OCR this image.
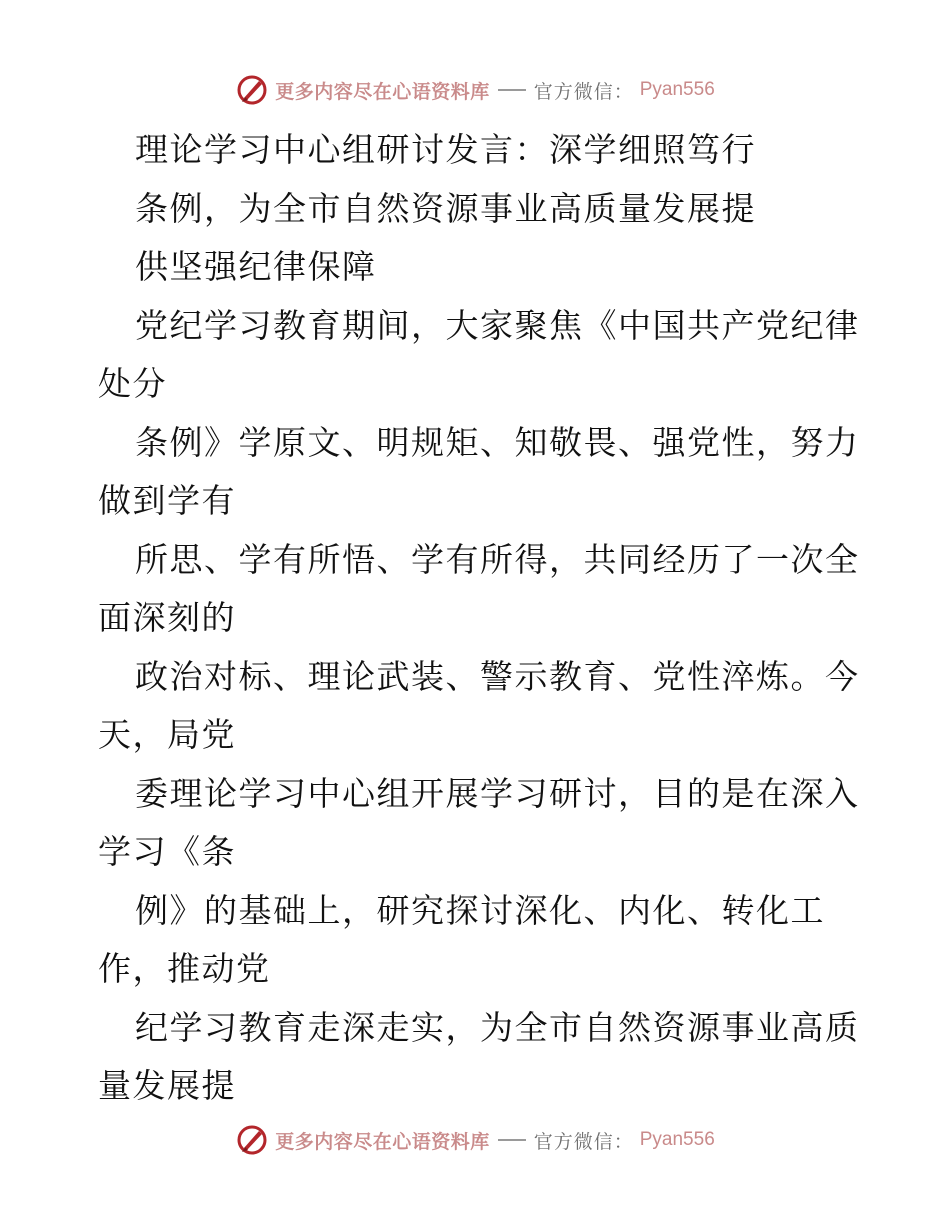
更多内容尽在心语资料库 官方微信： Pyan556
理论学习中心组研讨发言：深学细照笃行
条例，为全市自然资源事业高质量发展提
供坚强纪律保障
党纪学习教育期间，大家聚焦《中国共产党纪律
处分
条例》学原文、明规矩、知敬畏、强党性，努力
做到学有
所思、学有所悟、学有所得，共同经历了一次全
面深刻的
政治对标、理论武装、警示教育、党性淬炼。今
天，局党
委理论学习中心组开展学习研讨，目的是在深入
学习《条
例》的基础上，研究探讨深化、内化、转化工
作，推动党
纪学习教育走深走实，为全市自然资源事业高质
量发展提
更多内容尽在心语资料库 官方微信： Pyan556
